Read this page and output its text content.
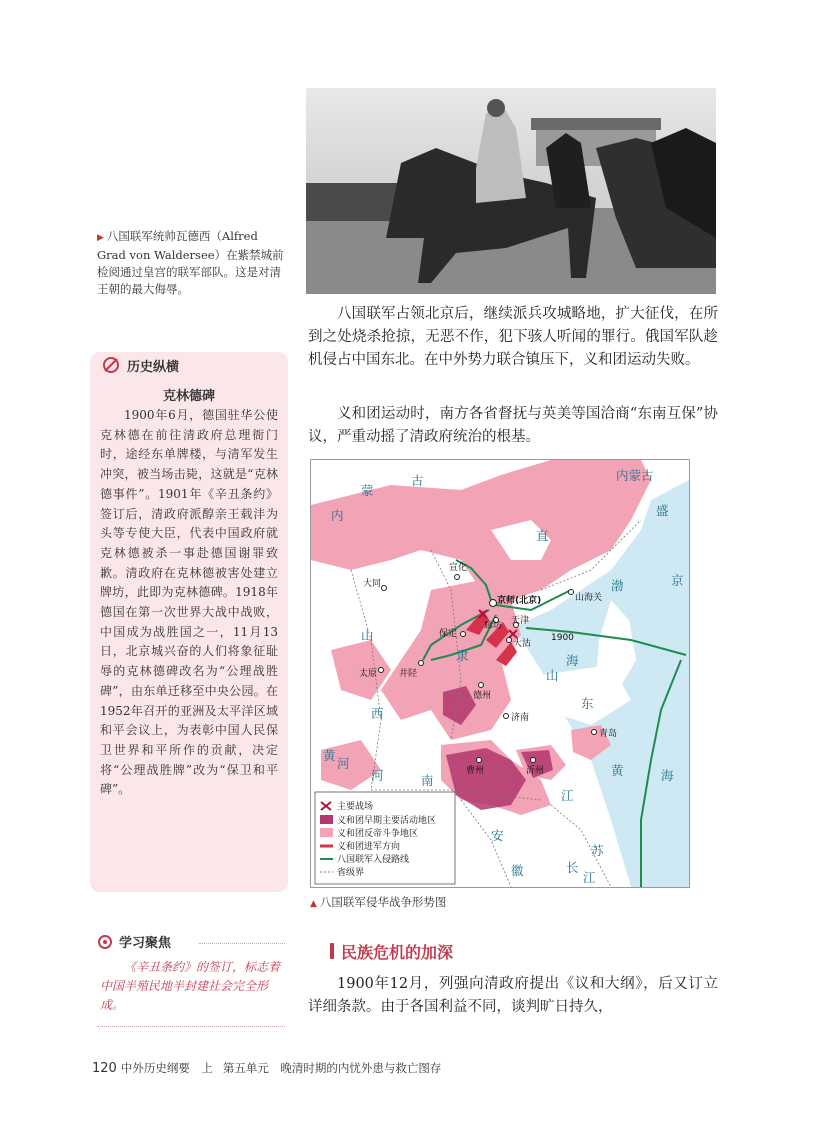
▶ 八国联军统帅瓦德西（Alfred Grad von Waldersee）在紫禁城前检阅通过皇宫的联军部队。这是对清王朝的最大侮辱。
历史纵横
克林德碑
1900年6月，德国驻华公使克林德在前往清政府总理衙门时，途经东单牌楼，与清军发生冲突，被当场击毙，这就是“克林德事件”。1901年《辛丑条约》签订后，清政府派醇亲王载沣为头等专使大臣，代表中国政府就克林德被杀一事赴德国谢罪致歉。清政府在克林德被害处建立牌坊，此即为克林德碑。1918年德国在第一次世界大战中战败，中国成为战胜国之一，11月13日，北京城兴奋的人们将象征耻辱的克林德碑改名为“公理战胜碑”，由东单迁移至中央公园。在1952年召开的亚洲及太平洋区域和平会议上，为表彰中国人民保卫世界和平所作的贡献，决定将“公理战胜牌”改为“保卫和平碑”。
学习聚焦
《辛丑条约》的签订，标志着中国半殖民地半封建社会完全形成。
八国联军占领北京后，继续派兵攻城略地，扩大征伐，在所到之处烧杀抢掠，无恶不作，犯下骇人听闻的罪行。俄国军队趁机侵占中国东北。在中外势力联合镇压下，义和团运动失败。
义和团运动时，南方各省督抚与英美等国洽商“东南互保”协议，严重动摇了清政府统治的根基。
1900
宣化
大同
京师(北京)	山海关
保定
廊坊 天津
大沽
太原 井陉
德州
济南
青岛
曹州	沂州
蒙
古
内
内蒙古
盛
京
直
隶
山
西
河	南
山
东
渤
海
黄	海
江
苏
安
徽	长
江
黄
河
主要战场
义和团早期主要活动地区
义和团反帝斗争地区
义和团进军方向
八国联军入侵路线
省级界
▲ 八国联军侵华战争形势图
民族危机的加深
1900年12月，列强向清政府提出《议和大纲》，后又订立详细条款。由于各国利益不同，谈判旷日持久，
120 中外历史纲要　上 第五单元　晚清时期的内忧外患与救亡图存
